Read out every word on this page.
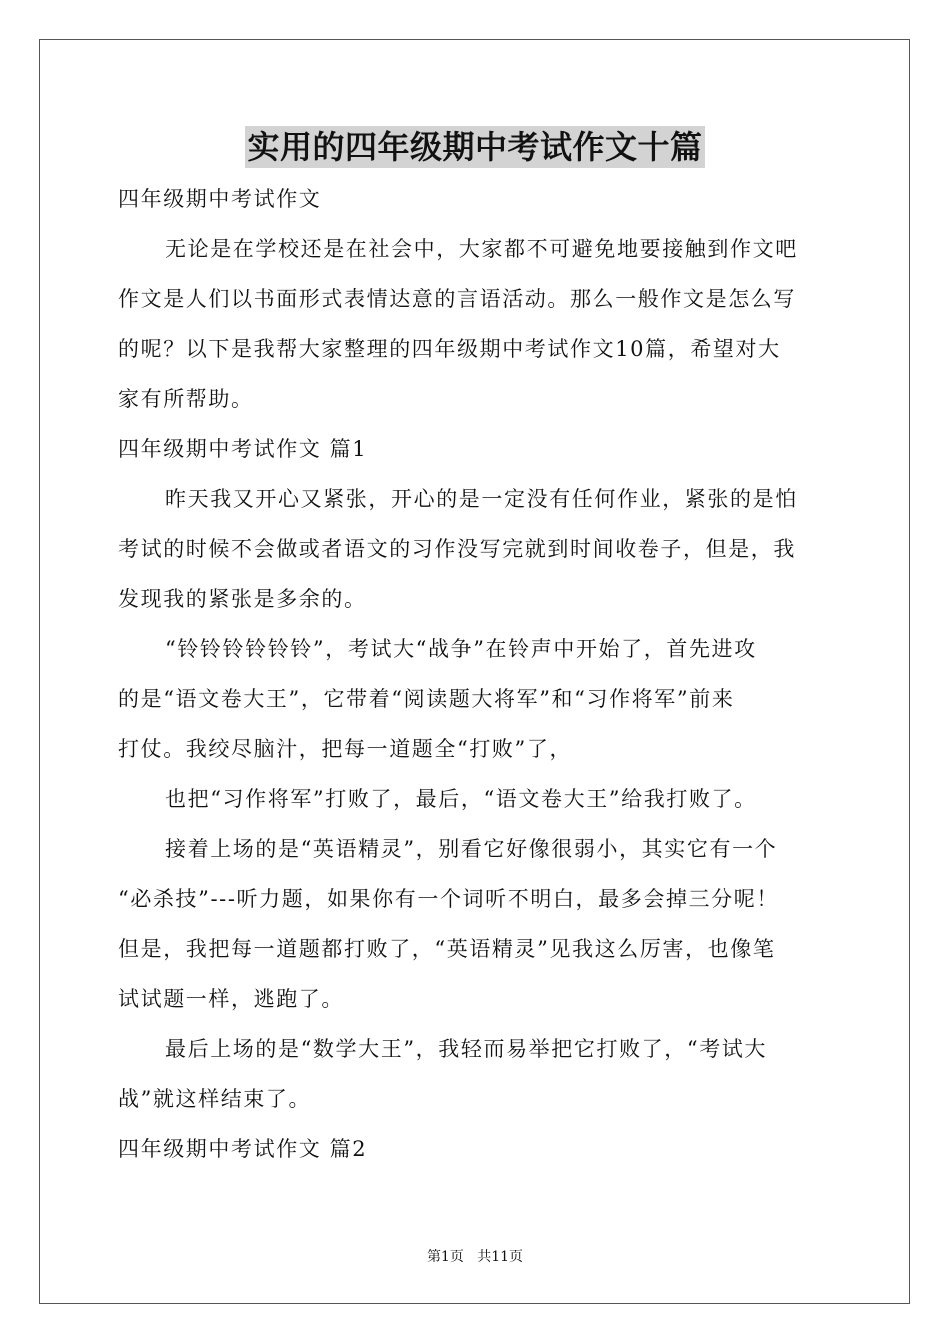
实用的四年级期中考试作文十篇
四年级期中考试作文
无论是在学校还是在社会中，大家都不可避免地要接触到作文吧
作文是人们以书面形式表情达意的言语活动。那么一般作文是怎么写
的呢？以下是我帮大家整理的四年级期中考试作文10篇，希望对大
家有所帮助。
四年级期中考试作文 篇1
昨天我又开心又紧张，开心的是一定没有任何作业，紧张的是怕
考试的时候不会做或者语文的习作没写完就到时间收卷子，但是，我
发现我的紧张是多余的。
“铃铃铃铃铃铃”，考试大“战争”在铃声中开始了，首先进攻
的是“语文卷大王”，它带着“阅读题大将军”和“习作将军”前来
打仗。我绞尽脑汁，把每一道题全“打败”了，
也把“习作将军”打败了，最后，“语文卷大王”给我打败了。
接着上场的是“英语精灵”，别看它好像很弱小，其实它有一个
“必杀技”---听力题，如果你有一个词听不明白，最多会掉三分呢！
但是，我把每一道题都打败了，“英语精灵”见我这么厉害，也像笔
试试题一样，逃跑了。
最后上场的是“数学大王”，我轻而易举把它打败了，“考试大
战”就这样结束了。
四年级期中考试作文 篇2
第1页 共11页
